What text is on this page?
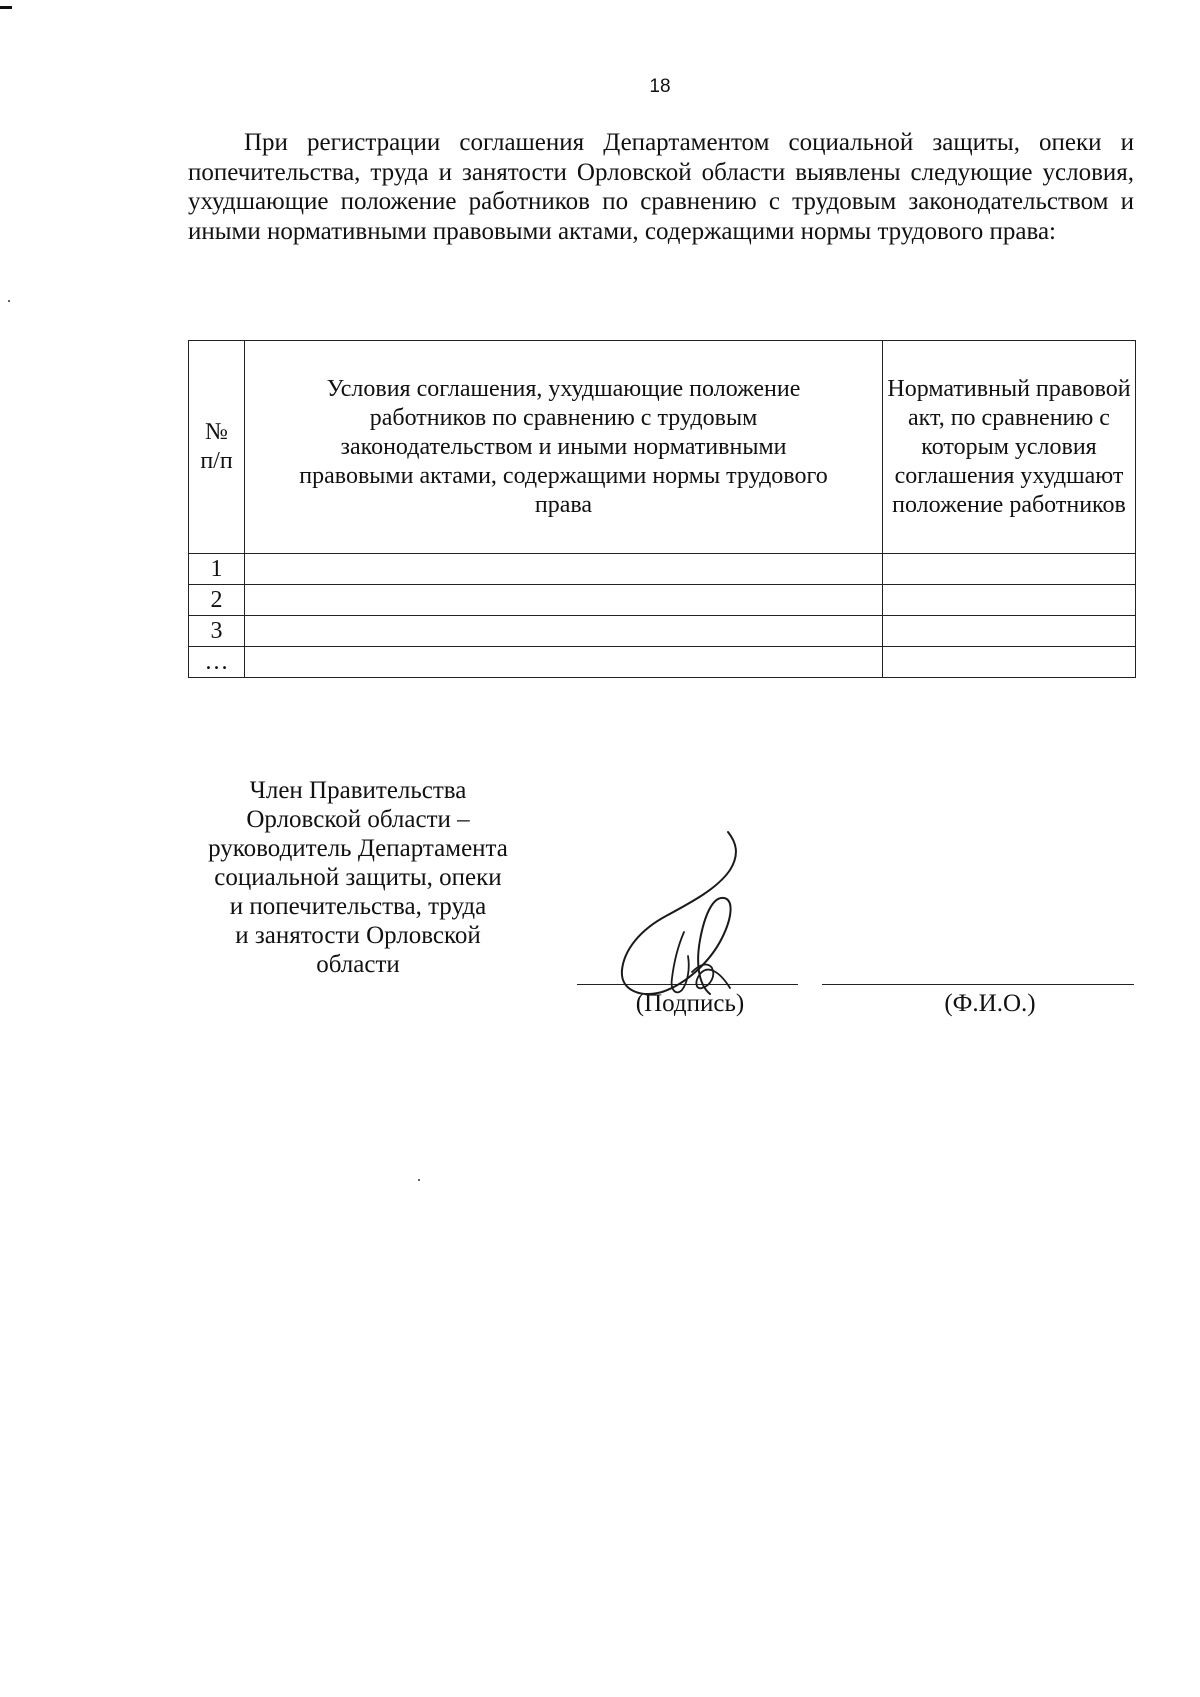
18

При регистрации соглашения Департаментом социальной защиты, опеки и попечительства, труда и занятости Орловской области выявлены следующие условия, ухудшающие положение работников по сравнению с трудовым законодательством и иными нормативными правовыми актами, содержащими нормы трудового права:

№ п/п	Условия соглашения, ухудшающие положение работников по сравнению с трудовым законодательством и иными нормативными правовыми актами, содержащими нормы трудового права	Нормативный правовой акт, по сравнению с которым условия соглашения ухудшают положение работников
1		
2		
3		
…		
Член Правительства
Орловской области –
руководитель Департамента
социальной защиты, опеки
и попечительства, труда
и занятости Орловской
области
(Подпись)	(Ф.И.О.)
